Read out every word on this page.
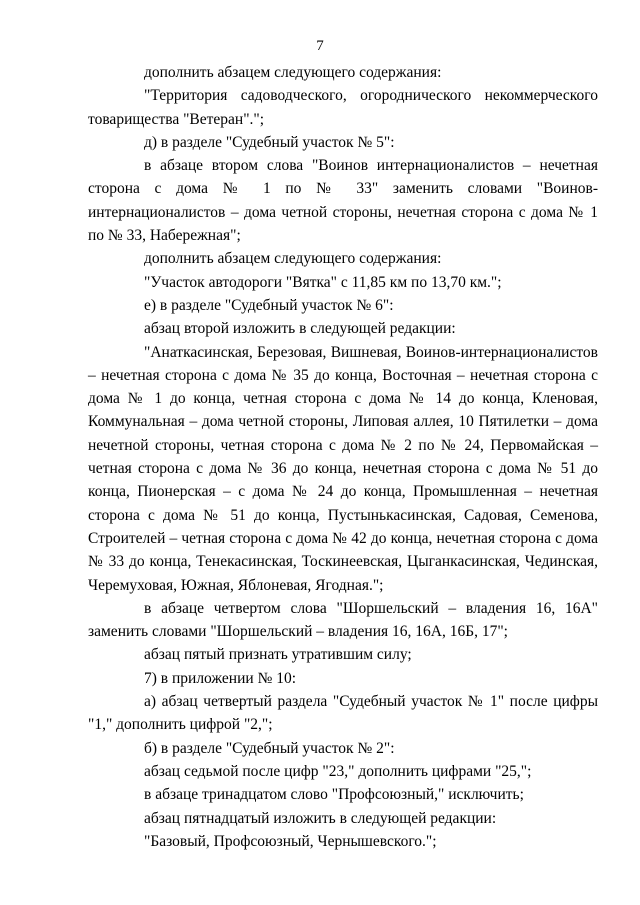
7

дополнить абзацем следующего содержания:

"Территория садоводческого, огороднического некоммерческого товарищества "Ветеран".";

д) в разделе "Судебный участок № 5":

в абзаце втором слова "Воинов интернационалистов – нечетная сторона с дома № 1 по № 33" заменить словами "Воинов-интернационалистов – дома четной стороны, нечетная сторона с дома № 1 по № 33, Набережная";

дополнить абзацем следующего содержания:

"Участок автодороги "Вятка" с 11,85 км по 13,70 км.";

е) в разделе "Судебный участок № 6":

абзац второй изложить в следующей редакции:

"Анаткасинская, Березовая, Вишневая, Воинов-интернационалистов – нечетная сторона с дома № 35 до конца, Восточная – нечетная сторона с дома № 1 до конца, четная сторона с дома № 14 до конца, Кленовая, Коммунальная – дома четной стороны, Липовая аллея, 10 Пятилетки – дома нечетной стороны, четная сторона с дома № 2 по № 24, Первомайская – четная сторона с дома № 36 до конца, нечетная сторона с дома № 51 до конца, Пионерская – с дома № 24 до конца, Промышленная – нечетная сторона с дома № 51 до конца, Пустынькасинская, Садовая, Семенова, Строителей – четная сторона с дома № 42 до конца, нечетная сторона с дома № 33 до конца, Тенекасинская, Тоскинеевская, Цыганкасинская, Чединская, Черемуховая, Южная, Яблоневая, Ягодная.";

в абзаце четвертом слова "Шоршельский – владения 16, 16А" заменить словами "Шоршельский – владения 16, 16А, 16Б, 17";

абзац пятый признать утратившим силу;

7) в приложении № 10:

а) абзац четвертый раздела "Судебный участок № 1" после цифры "1," дополнить цифрой "2,";

б) в разделе "Судебный участок № 2":

абзац седьмой после цифр "23," дополнить цифрами "25,";

в абзаце тринадцатом слово "Профсоюзный," исключить;

абзац пятнадцатый изложить в следующей редакции:

"Базовый, Профсоюзный, Чернышевского.";
